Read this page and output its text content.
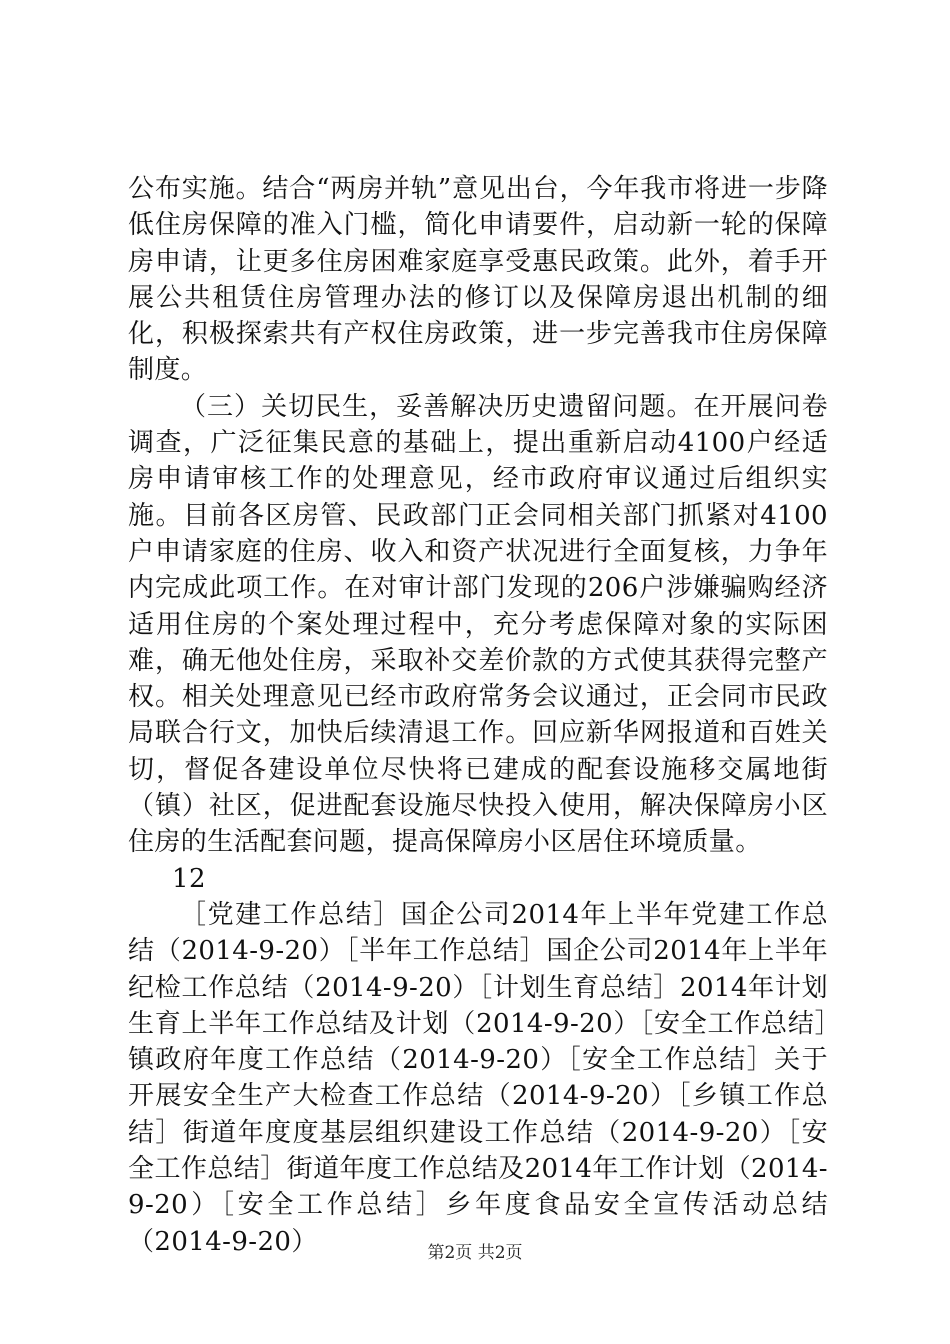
公布实施。结合“两房并轨”意见出台，今年我市将进一步降低住房保障的准入门槛，简化申请要件，启动新一轮的保障房申请，让更多住房困难家庭享受惠民政策。此外，着手开展公共租赁住房管理办法的修订以及保障房退出机制的细化，积极探索共有产权住房政策，进一步完善我市住房保障制度。

（三）关切民生，妥善解决历史遗留问题。在开展问卷调查，广泛征集民意的基础上，提出重新启动4100户经适房申请审核工作的处理意见，经市政府审议通过后组织实施。目前各区房管、民政部门正会同相关部门抓紧对4100户申请家庭的住房、收入和资产状况进行全面复核，力争年内完成此项工作。在对审计部门发现的206户涉嫌骗购经济适用住房的个案处理过程中，充分考虑保障对象的实际困难，确无他处住房，采取补交差价款的方式使其获得完整产权。相关处理意见已经市政府常务会议通过，正会同市民政局联合行文，加快后续清退工作。回应新华网报道和百姓关切，督促各建设单位尽快将已建成的配套设施移交属地街（镇）社区，促进配套设施尽快投入使用，解决保障房小区住房的生活配套问题，提高保障房小区居住环境质量。

12

［党建工作总结］国企公司2014年上半年党建工作总结（2014-9-20）［半年工作总结］国企公司2014年上半年纪检工作总结（2014-9-20）［计划生育总结］2014年计划生育上半年工作总结及计划（2014-9-20）［安全工作总结］镇政府年度工作总结（2014-9-20）［安全工作总结］关于开展安全生产大检查工作总结（2014-9-20）［乡镇工作总结］街道年度度基层组织建设工作总结（2014-9-20）［安全工作总结］街道年度工作总结及2014年工作计划（2014-9-20）［安全工作总结］乡年度食品安全宣传活动总结（2014-9-20）	第2页 共2页
